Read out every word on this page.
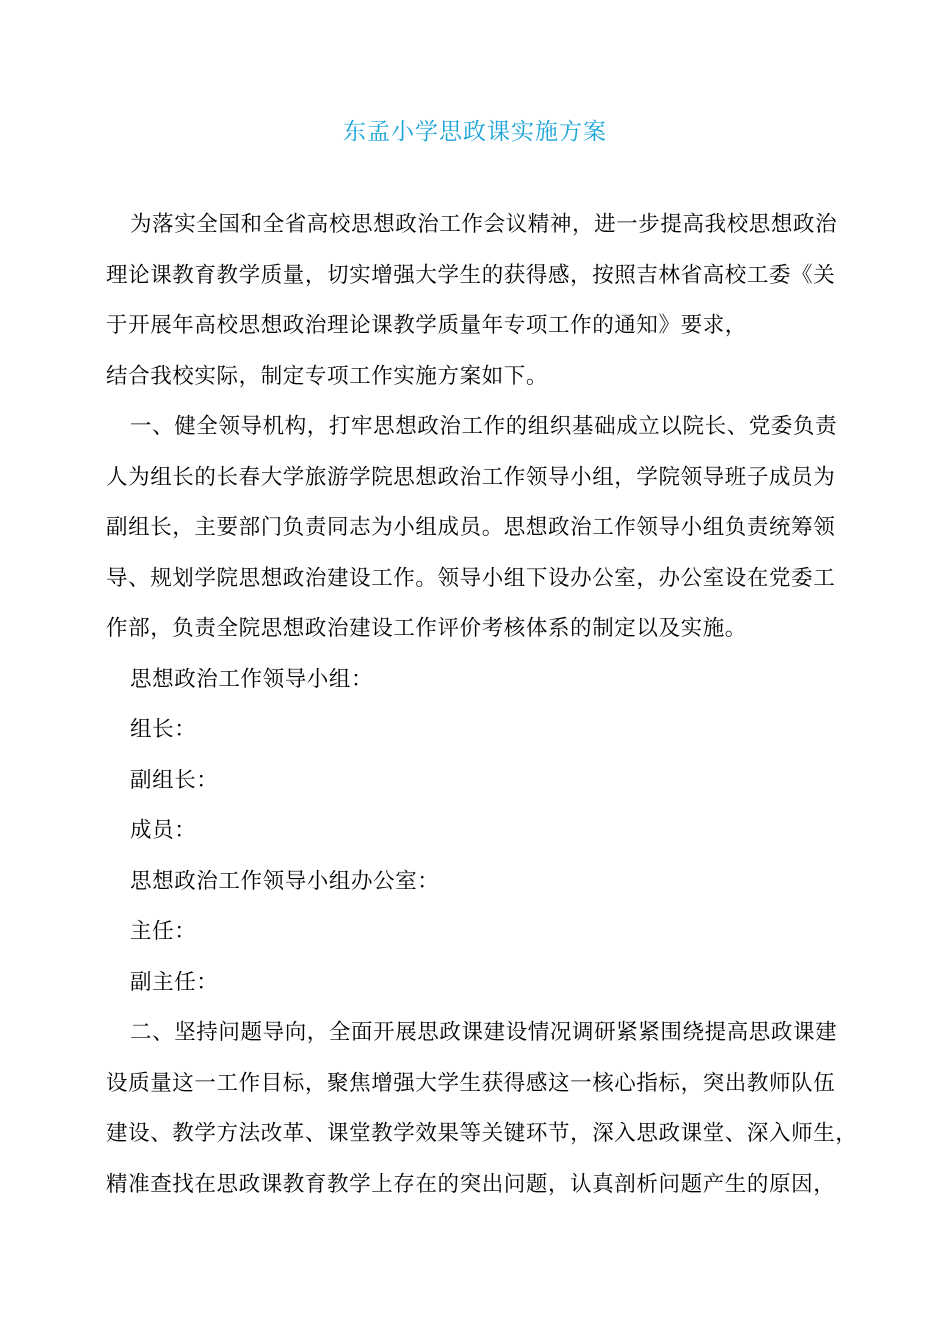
东孟小学思政课实施方案
为落实全国和全省高校思想政治工作会议精神，进一步提高我校思想政治
理论课教育教学质量，切实增强大学生的获得感，按照吉林省高校工委《关
于开展年高校思想政治理论课教学质量年专项工作的通知》要求，
结合我校实际，制定专项工作实施方案如下。
一、健全领导机构，打牢思想政治工作的组织基础成立以院长、党委负责
人为组长的长春大学旅游学院思想政治工作领导小组，学院领导班子成员为
副组长，主要部门负责同志为小组成员。思想政治工作领导小组负责统筹领
导、规划学院思想政治建设工作。领导小组下设办公室，办公室设在党委工
作部，负责全院思想政治建设工作评价考核体系的制定以及实施。
思想政治工作领导小组：
组长：
副组长：
成员：
思想政治工作领导小组办公室：
主任：
副主任：
二、坚持问题导向，全面开展思政课建设情况调研紧紧围绕提高思政课建
设质量这一工作目标，聚焦增强大学生获得感这一核心指标，突出教师队伍
建设、教学方法改革、课堂教学效果等关键环节，深入思政课堂、深入师生，
精准查找在思政课教育教学上存在的突出问题，认真剖析问题产生的原因，
